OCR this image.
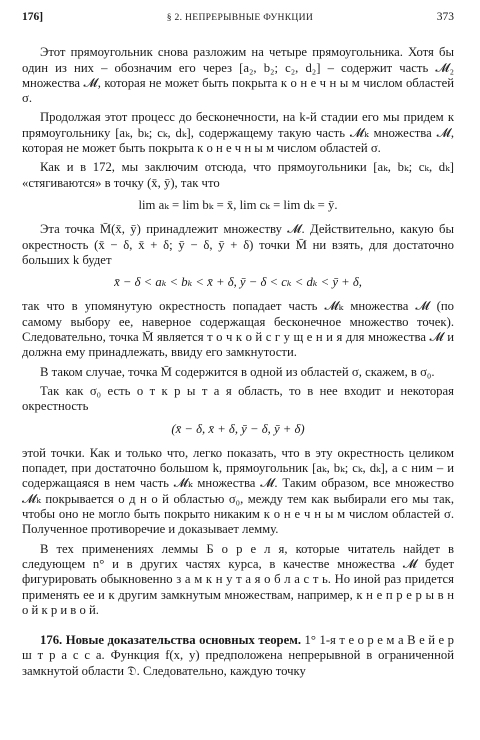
176]	§ 2. НЕПРЕРЫВНЫЕ ФУНКЦИИ	373

Этот прямоугольник снова разложим на четыре прямоугольника. Хотя бы один из них – обозначим его через [a₂, b₂; c₂, d₂] – содержит часть 𝓜₂ множества 𝓜, которая не может быть покрыта к о н е ч н ы м числом областей σ.

Продолжая этот процесс до бесконечности, на k-й стадии его мы придем к прямоугольнику [aₖ, bₖ; cₖ, dₖ], содержащему такую часть 𝓜ₖ множества 𝓜, которая не может быть покрыта к о н е ч н ы м числом областей σ.

Как и в 172, мы заключим отсюда, что прямоугольники [aₖ, bₖ; cₖ, dₖ] «стягиваются» в точку (x̄, ȳ), так что

lim aₖ = lim bₖ = x̄, lim cₖ = lim dₖ = ȳ.

Эта точка M̄(x̄, ȳ) принадлежит множеству 𝓜. Действительно, какую бы окрестность (x̄ − δ, x̄ + δ; ȳ − δ, ȳ + δ) точки M̄ ни взять, для достаточно больших k будет

x̄ − δ < aₖ < bₖ < x̄ + δ, ȳ − δ < cₖ < dₖ < ȳ + δ,

так что в упомянутую окрестность попадает часть 𝓜ₖ множества 𝓜 (по самому выбору ее, наверное содержащая бесконечное множество точек). Следовательно, точка M̄ является т о ч к о й с г у щ е н и я для множества 𝓜 и должна ему принадлежать, ввиду его замкнутости.

В таком случае, точка M̄ содержится в одной из областей σ, скажем, в σ₀.

Так как σ₀ есть о т к р ы т а я область, то в нее входит и некоторая окрестность

(x̄ − δ, x̄ + δ, ȳ − δ, ȳ + δ)

этой точки. Как и только что, легко показать, что в эту окрестность целиком попадет, при достаточно большом k, прямоугольник [aₖ, bₖ; cₖ, dₖ], а с ним – и содержащаяся в нем часть 𝓜ₖ множества 𝓜. Таким образом, все множество 𝓜ₖ покрывается о д н о й областью σ₀, между тем как выбирали его мы так, чтобы оно не могло быть покрыто никаким к о н е ч н ы м числом областей σ. Полученное противоречие и доказывает лемму.

В тех применениях леммы Б о р е л я, которые читатель найдет в следующем n° и в других частях курса, в качестве множества 𝓜 будет фигурировать обыкновенно з а м к н у т а я о б л а с т ь. Но иной раз придется применять ее и к другим замкнутым множествам, например, к н е п р е р ы в н о й к р и в о й.

176. Новые доказательства основных теорем. 1° 1-я т е о р е м а В е й е р ш т р а с с а. Функция f(x, y) предположена непрерывной в ограниченной замкнутой области 𝔇. Следовательно, каждую точку
